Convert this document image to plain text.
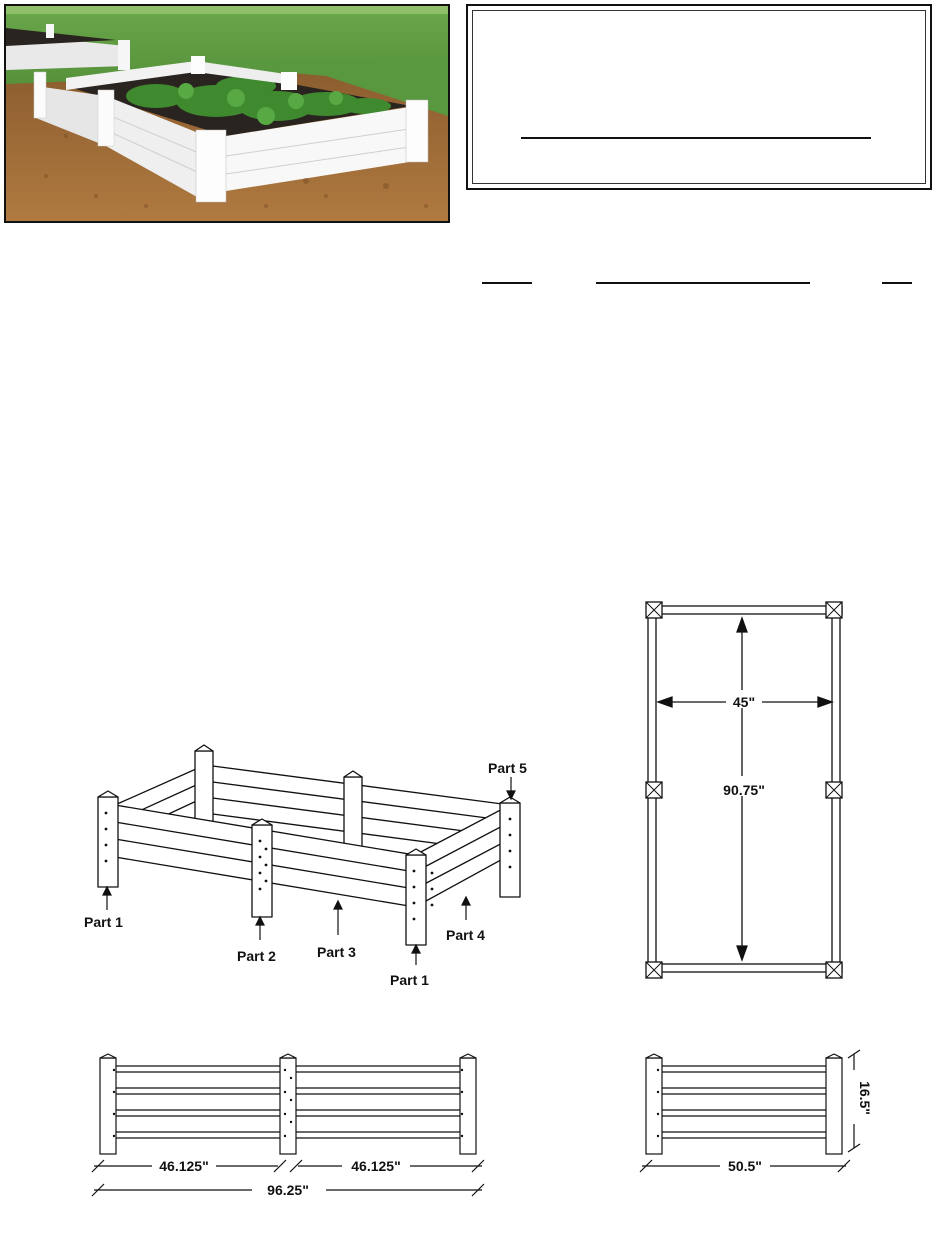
Part 1
Part 2	Part 3
Part 1
Part 4
Part 5
45"
90.75"
46.125"	46.125"
96.25"
50.5"
16.5"
